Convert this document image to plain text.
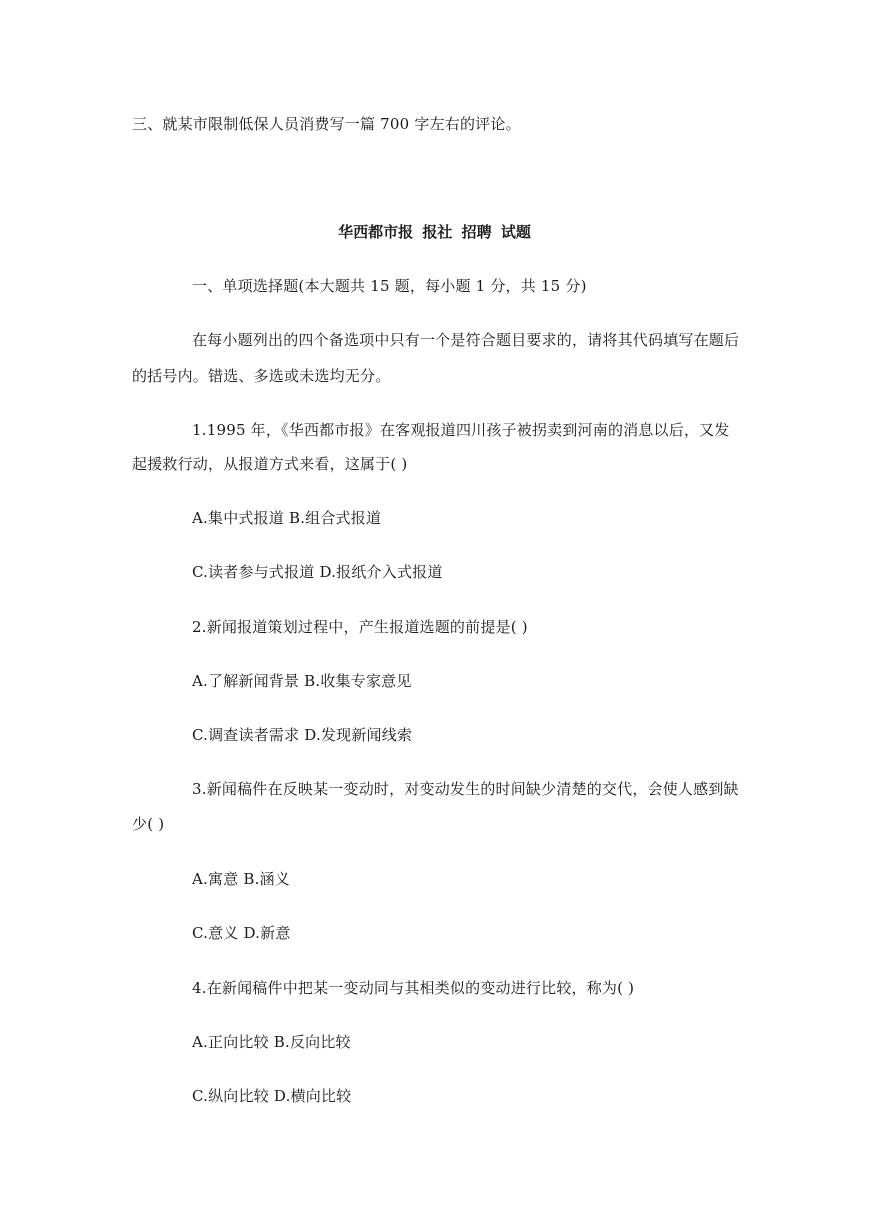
三、就某市限制低保人员消费写一篇 700 字左右的评论。
华西都市报 报社 招聘 试题
一、单项选择题(本大题共 15 题，每小题 1 分，共 15 分)
在每小题列出的四个备选项中只有一个是符合题目要求的，请将其代码填写在题后
的括号内。错选、多选或未选均无分。
1.1995 年，《华西都市报》在客观报道四川孩子被拐卖到河南的消息以后，又发
起援救行动，从报道方式来看，这属于( )
A.集中式报道 B.组合式报道
C.读者参与式报道 D.报纸介入式报道
2.新闻报道策划过程中，产生报道选题的前提是( )
A.了解新闻背景 B.收集专家意见
C.调查读者需求 D.发现新闻线索
3.新闻稿件在反映某一变动时，对变动发生的时间缺少清楚的交代，会使人感到缺
少( )
A.寓意 B.涵义
C.意义 D.新意
4.在新闻稿件中把某一变动同与其相类似的变动进行比较，称为( )
A.正向比较 B.反向比较
C.纵向比较 D.横向比较
